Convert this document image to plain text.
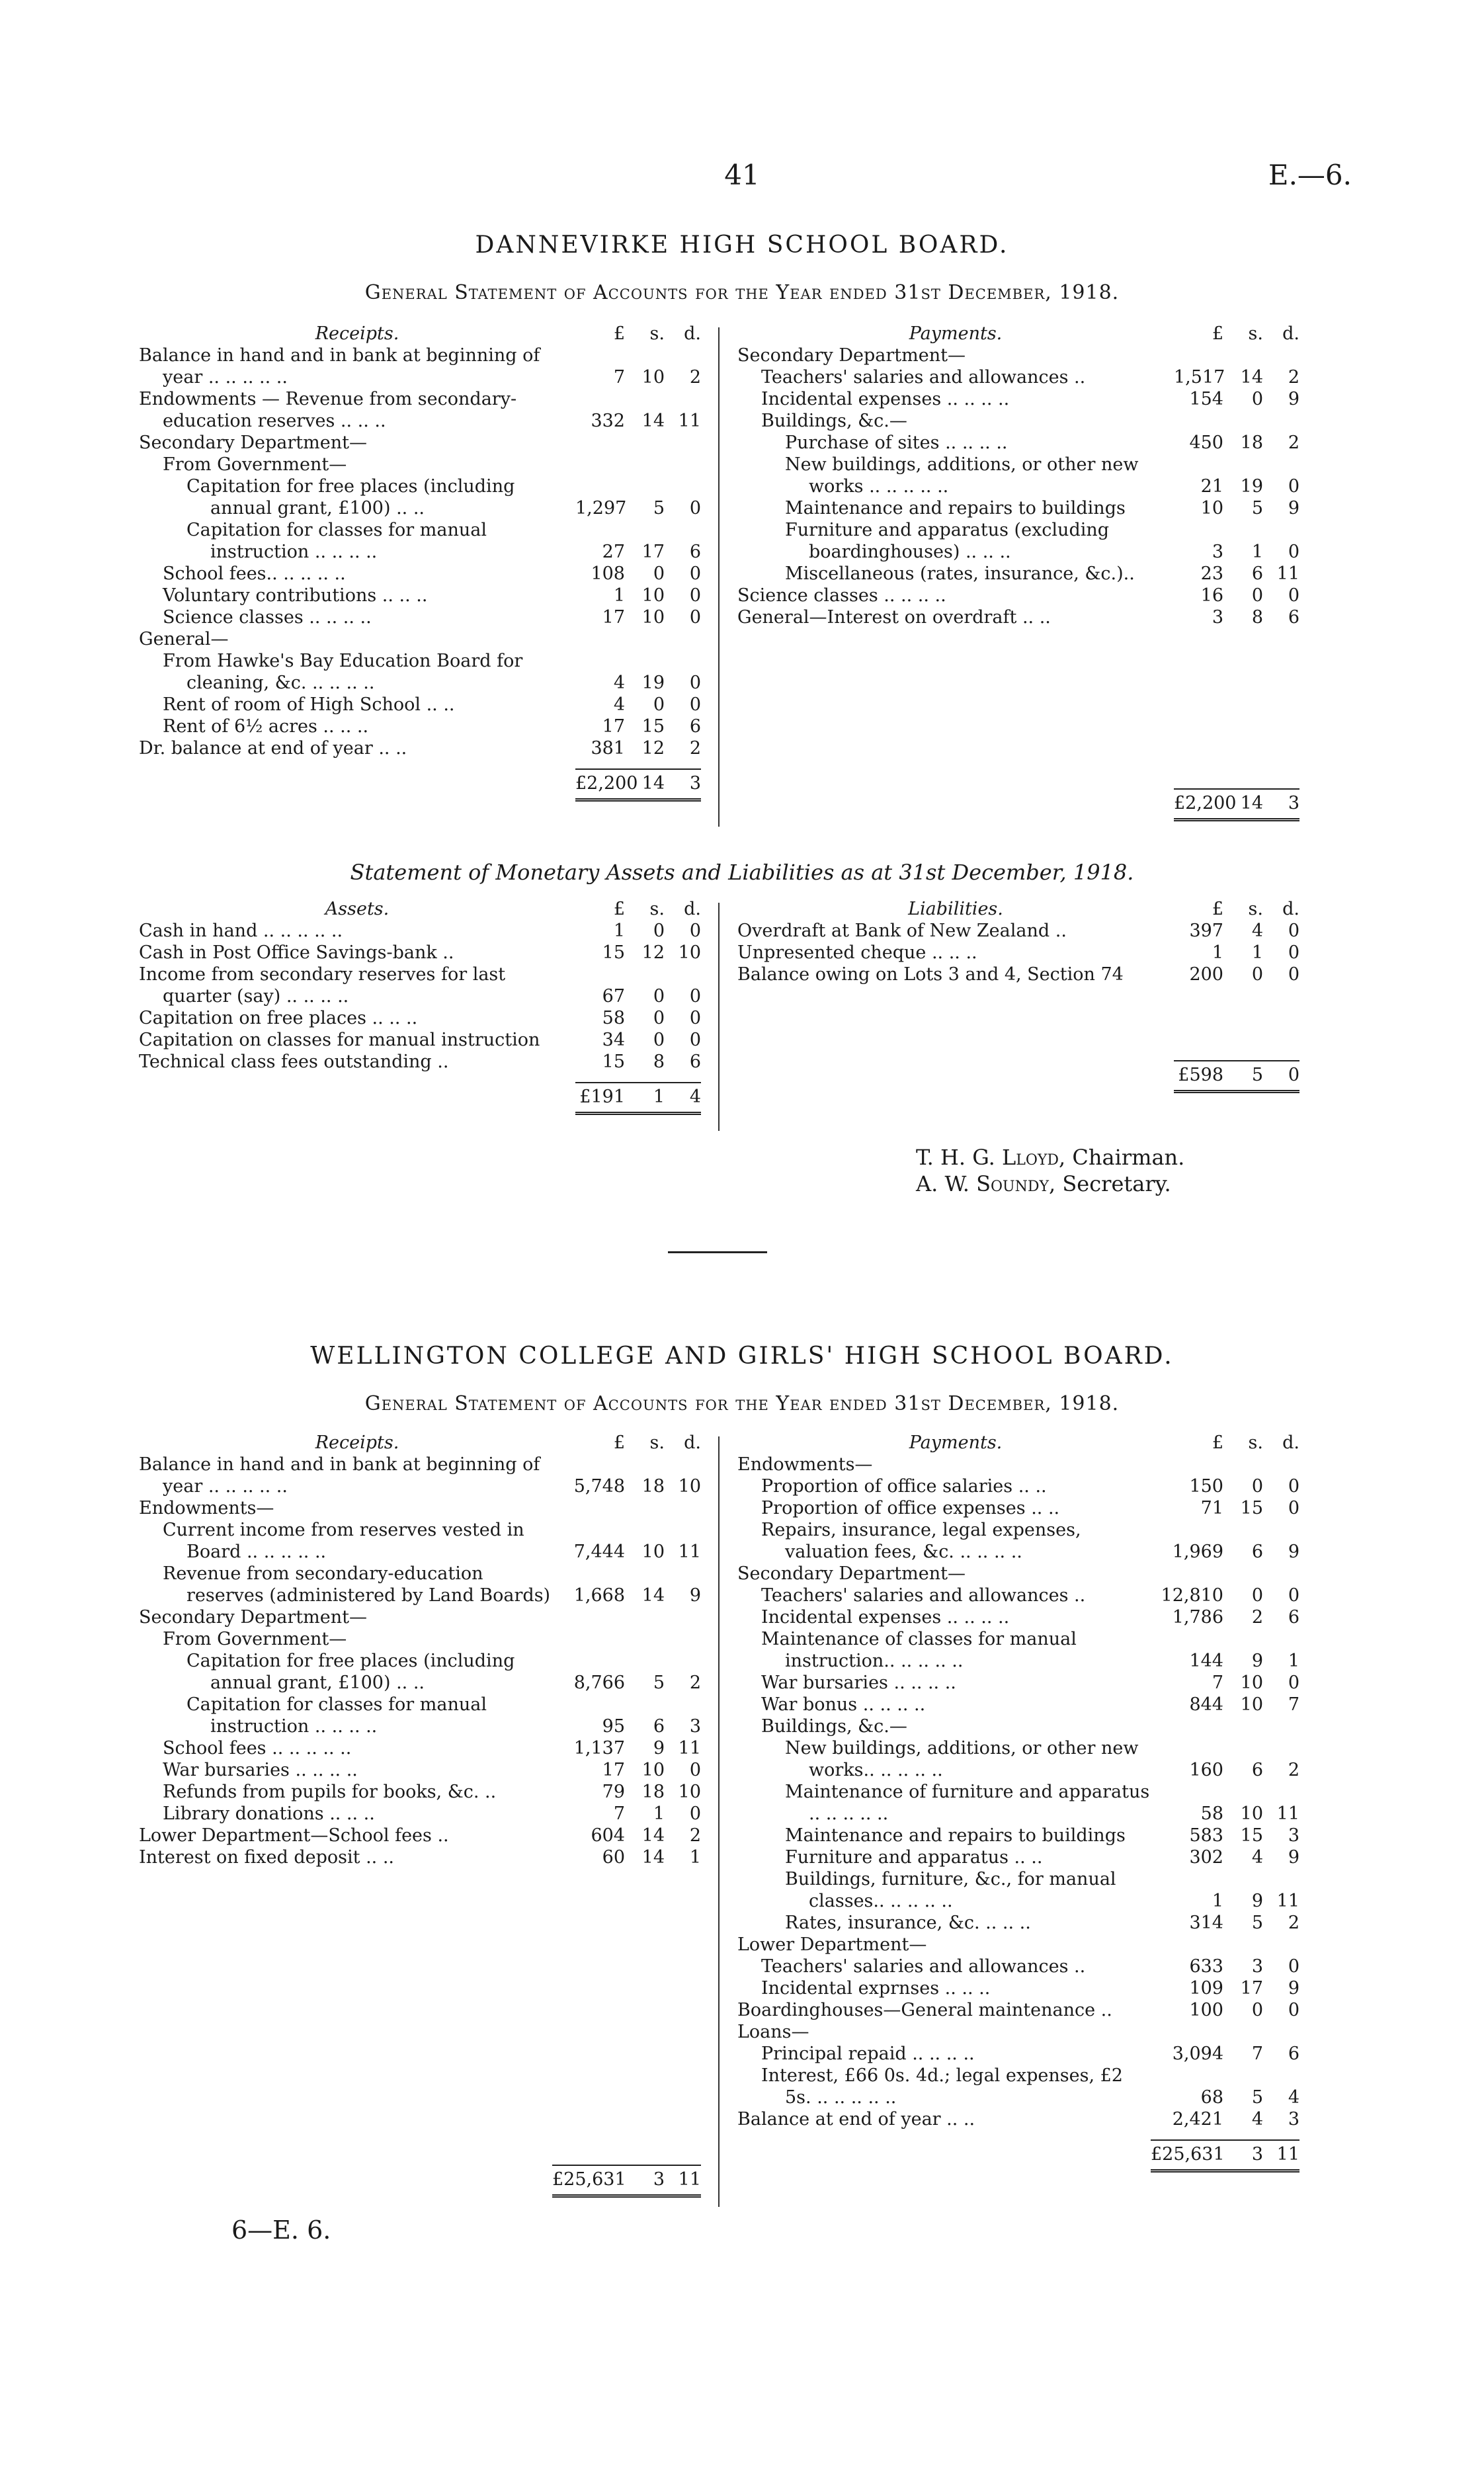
41	E.—6.
DANNEVIRKE HIGH SCHOOL BOARD.
General Statement of Accounts for the Year ended 31st December, 1918.
Receipts.	£	s.	d.
Balance in hand and in bank at beginning of year .. .. .. .. ..	7 10	2
Endowments — Revenue from secondary-education reserves .. .. ..	332 14 11
Secondary Department—
From Government—
Capitation for free places (including annual grant, £100) .. ..	1,297	5	0
Capitation for classes for manual instruction .. .. .. ..	27 17	6
School fees.. .. .. .. ..	108	0	0
Voluntary contributions .. .. ..	1 10	0
Science classes .. .. .. ..	17 10	0
General—
From Hawke's Bay Education Board for cleaning, &c. .. .. .. ..	4 19	0
Rent of room of High School .. ..	4	0	0
Rent of 6½ acres .. .. ..	17 15	6
Dr. balance at end of year .. ..	381 12	2
£2,200 14	3
Payments.	£	s.	d.
Secondary Department—
Teachers' salaries and allowances ..	1,517 14	2
Incidental expenses .. .. .. ..	154	0	9
Buildings, &c.—
Purchase of sites .. .. .. ..	450 18	2
New buildings, additions, or other new works .. .. .. .. ..	21 19	0
Maintenance and repairs to buildings	10	5	9
Furniture and apparatus (excluding boardinghouses) .. .. ..	3	1	0
Miscellaneous (rates, insurance, &c.)..	23	6 11
Science classes .. .. .. ..	16	0	0
General—Interest on overdraft .. ..	3	8	6
£2,200 14	3
Statement of Monetary Assets and Liabilities as at 31st December, 1918.
Assets.	£	s.	d.
Cash in hand .. .. .. .. ..	1	0	0
Cash in Post Office Savings-bank ..	15 12 10
Income from secondary reserves for last quarter (say) .. .. .. ..	67	0	0
Capitation on free places .. .. ..	58	0	0
Capitation on classes for manual instruction	34	0	0
Technical class fees outstanding ..	15	8	6
£191	1	4
Liabilities.	£	s.	d.
Overdraft at Bank of New Zealand ..	397	4	0
Unpresented cheque .. .. ..	1	1	0
Balance owing on Lots 3 and 4, Section 74	200	0	0
£598	5	0
T. H. G. Lloyd, Chairman.
A. W. Soundy, Secretary.
WELLINGTON COLLEGE AND GIRLS' HIGH SCHOOL BOARD.
General Statement of Accounts for the Year ended 31st December, 1918.
Receipts.	£	s.	d.
Balance in hand and in bank at beginning of year .. .. .. .. ..	5,748 18 10
Endowments—
Current income from reserves vested in Board .. .. .. .. ..	7,444 10 11
Revenue from secondary-education reserves (administered by Land Boards)	1,668 14	9
Secondary Department—
From Government—
Capitation for free places (including annual grant, £100) .. ..	8,766	5	2
Capitation for classes for manual instruction .. .. .. ..	95	6	3
School fees .. .. .. .. ..	1,137	9 11
War bursaries .. .. .. ..	17 10	0
Refunds from pupils for books, &c. ..	79 18 10
Library donations .. .. ..	7	1	0
Lower Department—School fees ..	604 14	2
Interest on fixed deposit .. ..	60 14	1
£25,631	3 11
Payments.	£	s.	d.
Endowments—
Proportion of office salaries .. ..	150	0	0
Proportion of office expenses .. ..	71 15	0
Repairs, insurance, legal expenses, valuation fees, &c. .. .. .. ..	1,969	6	9
Secondary Department—
Teachers' salaries and allowances ..	12,810	0	0
Incidental expenses .. .. .. ..	1,786	2	6
Maintenance of classes for manual instruction.. .. .. .. ..	144	9	1
War bursaries .. .. .. ..	7 10	0
War bonus .. .. .. ..	844 10	7
Buildings, &c.—
New buildings, additions, or other new works.. .. .. .. ..	160	6	2
Maintenance of furniture and apparatus .. .. .. .. ..	58 10 11
Maintenance and repairs to buildings	583 15	3
Furniture and apparatus .. ..	302	4	9
Buildings, furniture, &c., for manual classes.. .. .. .. ..	1	9 11
Rates, insurance, &c. .. .. ..	314	5	2
Lower Department—
Teachers' salaries and allowances ..	633	3	0
Incidental exprnses .. .. ..	109 17	9
Boardinghouses—General maintenance ..	100	0	0
Loans—
Principal repaid .. .. .. ..	3,094	7	6
Interest, £66 0s. 4d.; legal expenses, £2 5s. .. .. .. .. ..	68	5	4
Balance at end of year .. ..	2,421	4	3
£25,631	3 11
6—E. 6.
